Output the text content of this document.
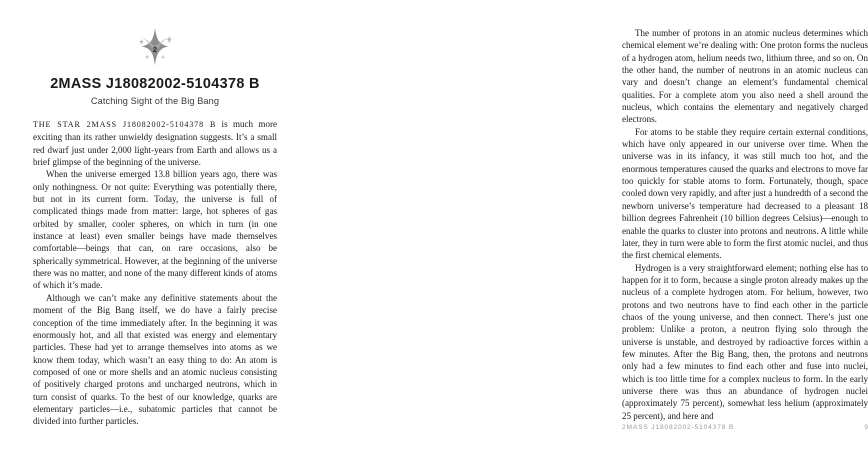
2
2MASS J18082002-5104378 B

Catching Sight of the Big Bang

THE STAR 2MASS J18082002-5104378 B is much more exciting than its rather unwieldy designation suggests. It’s a small red dwarf just under 2,000 light-years from Earth and allows us a brief glimpse of the beginning of the universe.

When the universe emerged 13.8 billion years ago, there was only nothingness. Or not quite: Everything was potentially there, but not in its current form. Today, the universe is full of complicated things made from matter: large, hot spheres of gas orbited by smaller, cooler spheres, on which in turn (in one instance at least) even smaller beings have made themselves comfortable—beings that can, on rare occasions, also be spherically symmetrical. However, at the beginning of the universe there was no matter, and none of the many different kinds of atoms of which it’s made.

Although we can’t make any definitive statements about the moment of the Big Bang itself, we do have a fairly precise conception of the time immediately after. In the beginning it was enormously hot, and all that existed was energy and elementary particles. These had yet to arrange themselves into atoms as we know them today, which wasn’t an easy thing to do: An atom is composed of one or more shells and an atomic nucleus consisting of positively charged protons and uncharged neutrons, which in turn consist of quarks. To the best of our knowledge, quarks are elementary particles—i.e., subatomic particles that cannot be divided into further particles.

The number of protons in an atomic nucleus determines which chemical element we’re dealing with: One proton forms the nucleus of a hydrogen atom, helium needs two, lithium three, and so on. On the other hand, the number of neutrons in an atomic nucleus can vary and doesn’t change an element’s fundamental chemical qualities. For a complete atom you also need a shell around the nucleus, which contains the elementary and negatively charged electrons.

For atoms to be stable they require certain external conditions, which have only appeared in our universe over time. When the universe was in its infancy, it was still much too hot, and the enormous temperatures caused the quarks and electrons to move far too quickly for stable atoms to form. Fortunately, though, space cooled down very rapidly, and after just a hundredth of a second the newborn universe’s temperature had decreased to a pleasant 18 billion degrees Fahrenheit (10 billion degrees Celsius)—enough to enable the quarks to cluster into protons and neutrons. A little while later, they in turn were able to form the first atomic nuclei, and thus the first chemical elements.

Hydrogen is a very straightforward element; nothing else has to happen for it to form, because a single proton already makes up the nucleus of a complete hydrogen atom. For helium, however, two protons and two neutrons have to find each other in the particle chaos of the young universe, and then connect. There’s just one problem: Unlike a proton, a neutron flying solo through the universe is unstable, and destroyed by radioactive forces within a few minutes. After the Big Bang, then, the protons and neutrons only had a few minutes to find each other and fuse into nuclei, which is too little time for a complex nucleus to form. In the early universe there was thus an abundance of hydrogen nuclei (approximately 75 percent), somewhat less helium (approximately 25 percent), and here and

2MASS J18082002-5104378 B	9
